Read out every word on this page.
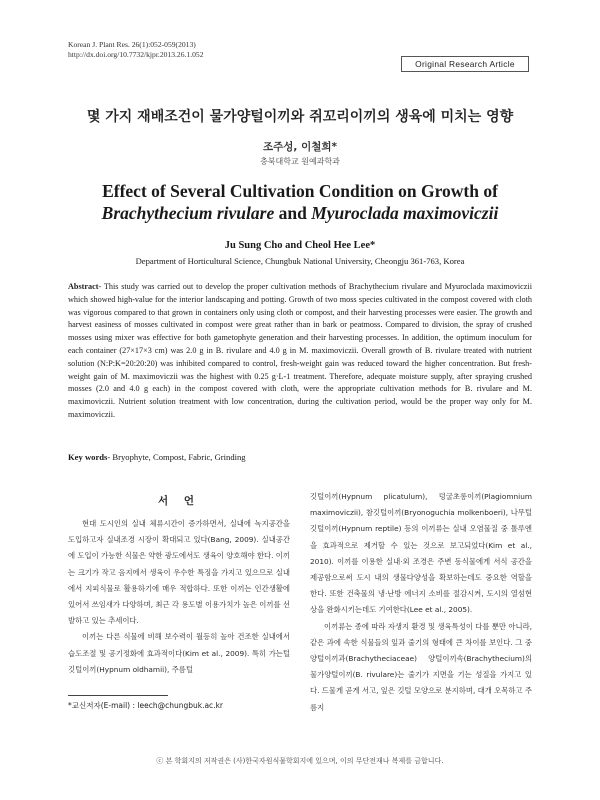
Korean J. Plant Res. 26(1):052-059(2013)
http://dx.doi.org/10.7732/kjpr.2013.26.1.052
Original Research Article
몇 가지 재배조건이 물가양털이끼와 쥐꼬리이끼의 생육에 미치는 영향
조주성, 이철희*
충북대학교 원예과학과
Effect of Several Cultivation Condition on Growth of
Brachythecium rivulare and Myuroclada maximoviczii
Ju Sung Cho and Cheol Hee Lee*
Department of Horticultural Science, Chungbuk National University, Cheongju 361-763, Korea
Abstract- This study was carried out to develop the proper cultivation methods of Brachythecium rivulare and Myuroclada maximoviczii which showed high-value for the interior landscaping and potting. Growth of two moss species cultivated in the compost covered with cloth was vigorous compared to that grown in containers only using cloth or compost, and their harvesting processes were easier. The growth and harvest easiness of mosses cultivated in compost were great rather than in bark or peatmoss. Compared to division, the spray of crushed mosses using mixer was effective for both gametophyte generation and their harvesting processes. In addition, the optimum inoculum for each container (27×17×3 cm) was 2.0 g in B. rivulare and 4.0 g in M. maximoviczii. Overall growth of B. rivulare treated with nutrient solution (N:P:K=20:20:20) was inhibited compared to control, fresh-weight gain was reduced toward the higher concentration. But fresh-weight gain of M. maximoviczii was the highest with 0.25 g·L-1 treatment. Therefore, adequate moisture supply, after spraying crushed mosses (2.0 and 4.0 g each) in the compost covered with cloth, were the appropriate cultivation methods for B. rivulare and M. maximoviczii. Nutrient solution treatment with low concentration, during the cultivation period, would be the proper way only for M. maximoviczii.
Key words- Bryophyte, Compost, Fabric, Grinding
서 언

현대 도시인의 실내 체류시간이 증가하면서, 실내에 녹지공간을 도입하고자 실내조경 시장이 확대되고 있다(Bang, 2009). 실내공간에 도입이 가능한 식물은 약한 광도에서도 생육이 양호해야 한다. 이끼는 크기가 작고 음지에서 생육이 우수한 특징을 가지고 있으므로 실내에서 지피식물로 활용하기에 매우 적합하다. 또한 이끼는 인간생활에 있어서 쓰임새가 다양하며, 최근 각 용도별 이용가치가 높은 이끼를 선발하고 있는 추세이다.

이끼는 다른 식물에 비해 보수력이 월등히 높아 건조한 실내에서 습도조절 및 공기정화에 효과적이다(Kim et al., 2009). 특히 가는털깃털이끼(Hypnum oldhamii), 주름털

깃털이끼(Hypnum plicatulum), 덩굴초롱이끼(Plagiomnium maximoviczii), 참깃털이끼(Bryonoguchia molkenboeri), 나무털깃털이끼(Hypnum reptile) 등의 이끼류는 실내 오염물질 중 톨루엔을 효과적으로 제거할 수 있는 것으로 보고되었다(Kim et al., 2010). 이끼를 이용한 실내·외 조경은 주변 동식물에게 서식 공간을 제공함으로써 도시 내의 생물다양성을 확보하는데도 중요한 역할을 한다. 또한 건축물의 냉·난방 에너지 소비를 절감시켜, 도시의 열섬현상을 완화시키는데도 기여한다(Lee et al., 2005).

이끼류는 종에 따라 자생지 환경 및 생육특성이 다를 뿐만 아니라, 같은 과에 속한 식물들의 잎과 줄기의 형태에 큰 차이를 보인다. 그 중 양털이끼과(Brachytheciaceae) 양털이끼속(Brachythecium)의 물가양털이끼(B. rivulare)는 줄기가 지면을 기는 성질을 가지고 있다. 드물게 곧게 서고, 잎은 깃털 모양으로 분지하며, 대개 오목하고 주름지

*교신저자(E-mail) : leech@chungbuk.ac.kr
ⓒ 본 학회지의 저작권은 (사)한국자원식물학회지에 있으며, 이의 무단전재나 복제를 금합니다.
